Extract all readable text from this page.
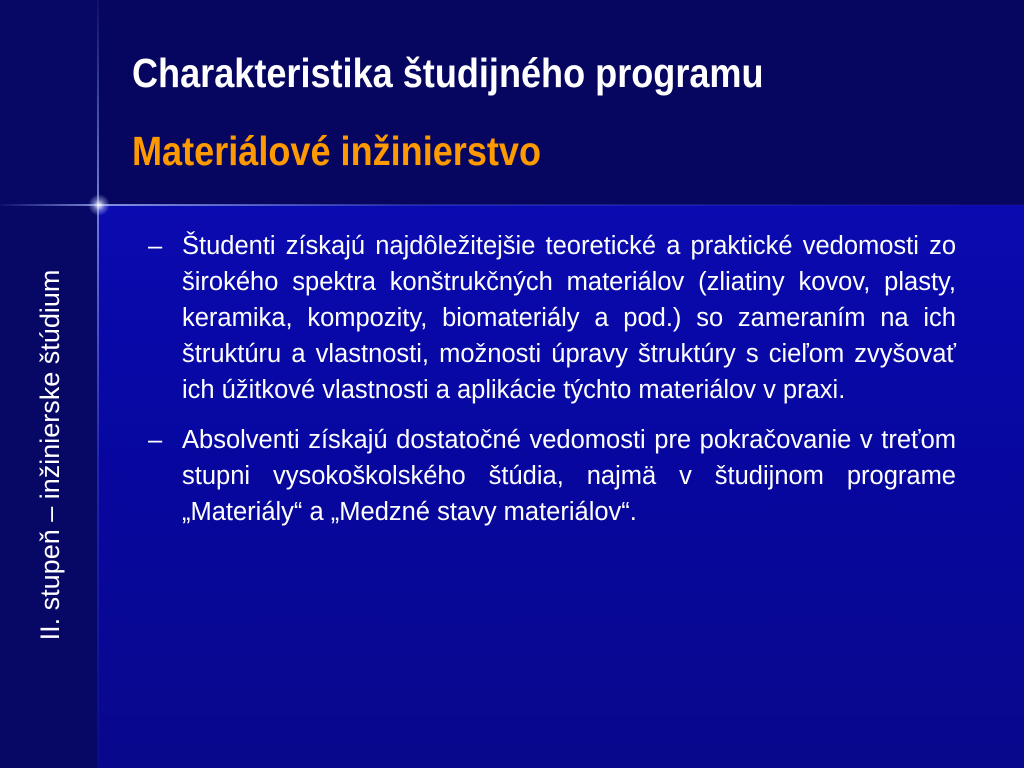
Charakteristika študijného programu
Materiálové inžinierstvo
II. stupeň – inžinierske štúdium
– Študenti získajú najdôležitejšie teoretické a praktické vedomosti zo širokého spektra konštrukčných materiálov (zliatiny kovov, plasty, keramika, kompozity, biomateriály a pod.) so zameraním na ich štruktúru a vlastnosti, možnosti úpravy štruktúry s cieľom zvyšovať ich úžitkové vlastnosti a aplikácie týchto materiálov v praxi.
– Absolventi získajú dostatočné vedomosti pre pokračovanie v treťom stupni vysokoškolského štúdia, najmä v študijnom programe „Materiály“ a „Medzné stavy materiálov“.
